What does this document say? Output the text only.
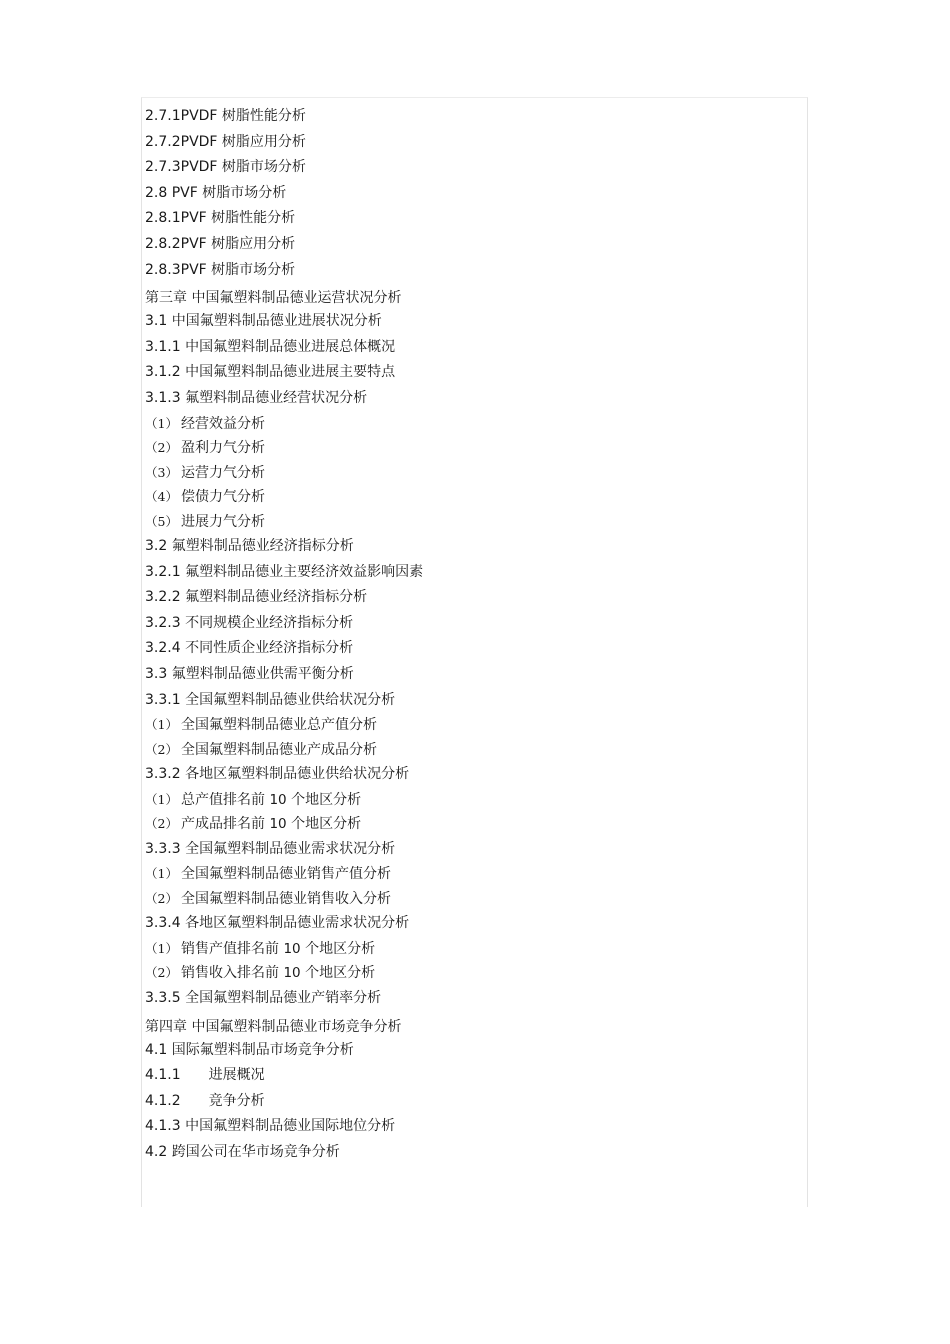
2.7.1PVDF 树脂性能分析
2.7.2PVDF 树脂应用分析
2.7.3PVDF 树脂市场分析
2.8 PVF 树脂市场分析
2.8.1PVF 树脂性能分析
2.8.2PVF 树脂应用分析
2.8.3PVF 树脂市场分析
第三章 中国氟塑料制品德业运营状况分析
3.1 中国氟塑料制品德业进展状况分析
3.1.1 中国氟塑料制品德业进展总体概况
3.1.2 中国氟塑料制品德业进展主要特点
3.1.3 氟塑料制品德业经营状况分析
（1） 经营效益分析
（2） 盈利力气分析
（3） 运营力气分析
（4） 偿债力气分析
（5） 进展力气分析
3.2 氟塑料制品德业经济指标分析
3.2.1 氟塑料制品德业主要经济效益影响因素
3.2.2 氟塑料制品德业经济指标分析
3.2.3 不同规模企业经济指标分析
3.2.4 不同性质企业经济指标分析
3.3 氟塑料制品德业供需平衡分析
3.3.1 全国氟塑料制品德业供给状况分析
（1） 全国氟塑料制品德业总产值分析
（2） 全国氟塑料制品德业产成品分析
3.3.2 各地区氟塑料制品德业供给状况分析
（1） 总产值排名前 10 个地区分析
（2） 产成品排名前 10 个地区分析
3.3.3 全国氟塑料制品德业需求状况分析
（1） 全国氟塑料制品德业销售产值分析
（2） 全国氟塑料制品德业销售收入分析
3.3.4 各地区氟塑料制品德业需求状况分析
（1） 销售产值排名前 10 个地区分析
（2） 销售收入排名前 10 个地区分析
3.3.5 全国氟塑料制品德业产销率分析
第四章 中国氟塑料制品德业市场竞争分析
4.1 国际氟塑料制品市场竞争分析
4.1.1 进展概况
4.1.2 竞争分析
4.1.3 中国氟塑料制品德业国际地位分析
4.2 跨国公司在华市场竞争分析
